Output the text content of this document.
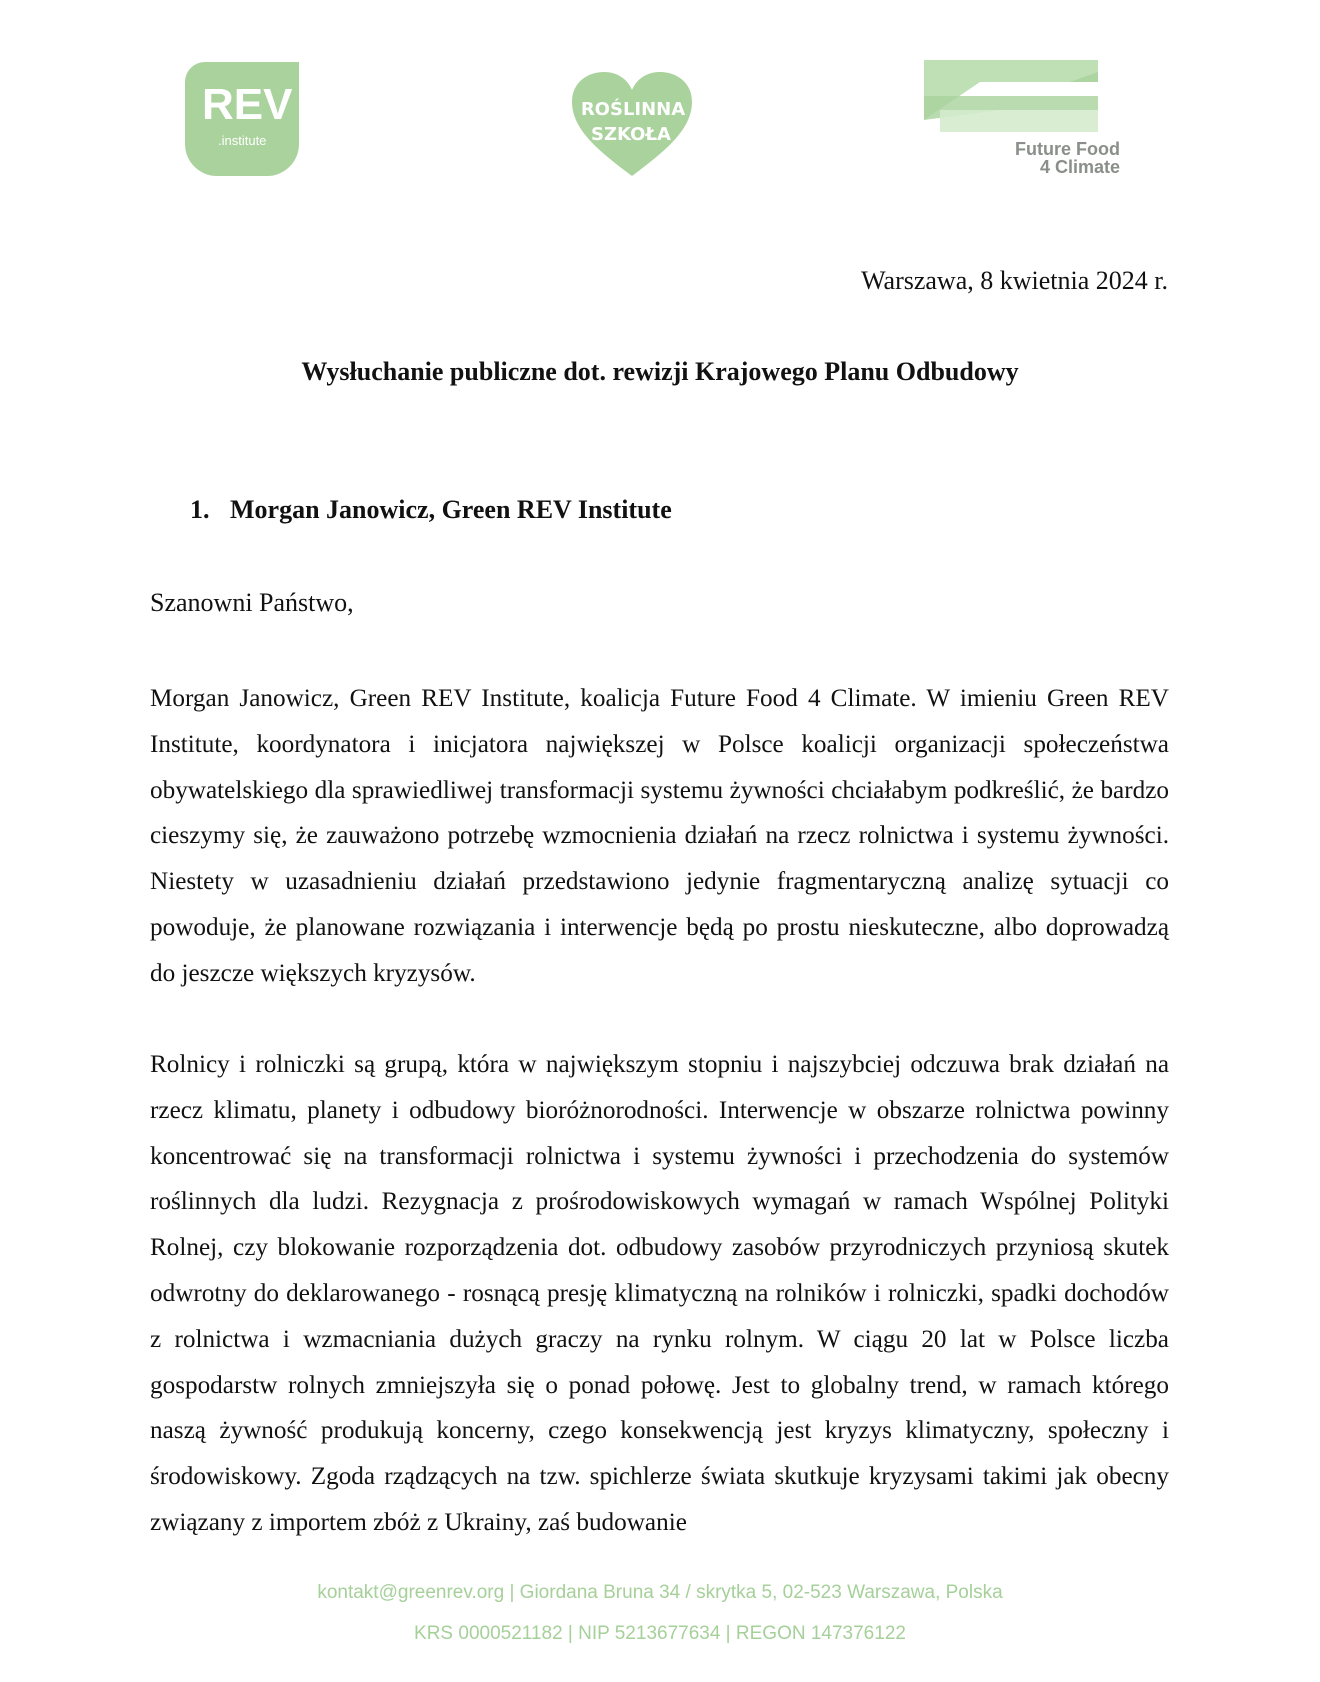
REV
.institute
ROŚLINNA
SZKOŁA
Future Food
4 Climate
Warszawa, 8 kwietnia 2024 r.
Wysłuchanie publiczne dot. rewizji Krajowego Planu Odbudowy
1. Morgan Janowicz, Green REV Institute
Szanowni Państwo,

Morgan Janowicz, Green REV Institute, koalicja Future Food 4 Climate. W imieniu Green REV Institute, koordynatora i inicjatora największej w Polsce koalicji organizacji społeczeństwa obywatelskiego dla sprawiedliwej transformacji systemu żywności chciałabym podkreślić, że bardzo cieszymy się, że zauważono potrzebę wzmocnienia działań na rzecz rolnictwa i systemu żywności. Niestety w uzasadnieniu działań przedstawiono jedynie fragmentaryczną analizę sytuacji co powoduje, że planowane rozwiązania i interwencje będą po prostu nieskuteczne, albo doprowadzą do jeszcze większych kryzysów.

Rolnicy i rolniczki są grupą, która w największym stopniu i najszybciej odczuwa brak działań na rzecz klimatu, planety i odbudowy bioróżnorodności. Interwencje w obszarze rolnictwa powinny koncentrować się na transformacji rolnictwa i systemu żywności i przechodzenia do systemów roślinnych dla ludzi. Rezygnacja z prośrodowiskowych wymagań w ramach Wspólnej Polityki Rolnej, czy blokowanie rozporządzenia dot. odbudowy zasobów przyrodniczych przyniosą skutek odwrotny do deklarowanego - rosnącą presję klimatyczną na rolników i rolniczki, spadki dochodów z rolnictwa i wzmacniania dużych graczy na rynku rolnym. W ciągu 20 lat w Polsce liczba gospodarstw rolnych zmniejszyła się o ponad połowę. Jest to globalny trend, w ramach którego naszą żywność produkują koncerny, czego konsekwencją jest kryzys klimatyczny, społeczny i środowiskowy. Zgoda rządzących na tzw. spichlerze świata skutkuje kryzysami takimi jak obecny związany z importem zbóż z Ukrainy, zaś budowanie

kontakt@greenrev.org | Giordana Bruna 34 / skrytka 5, 02-523 Warszawa, Polska
KRS 0000521182 | NIP 5213677634 | REGON 147376122
